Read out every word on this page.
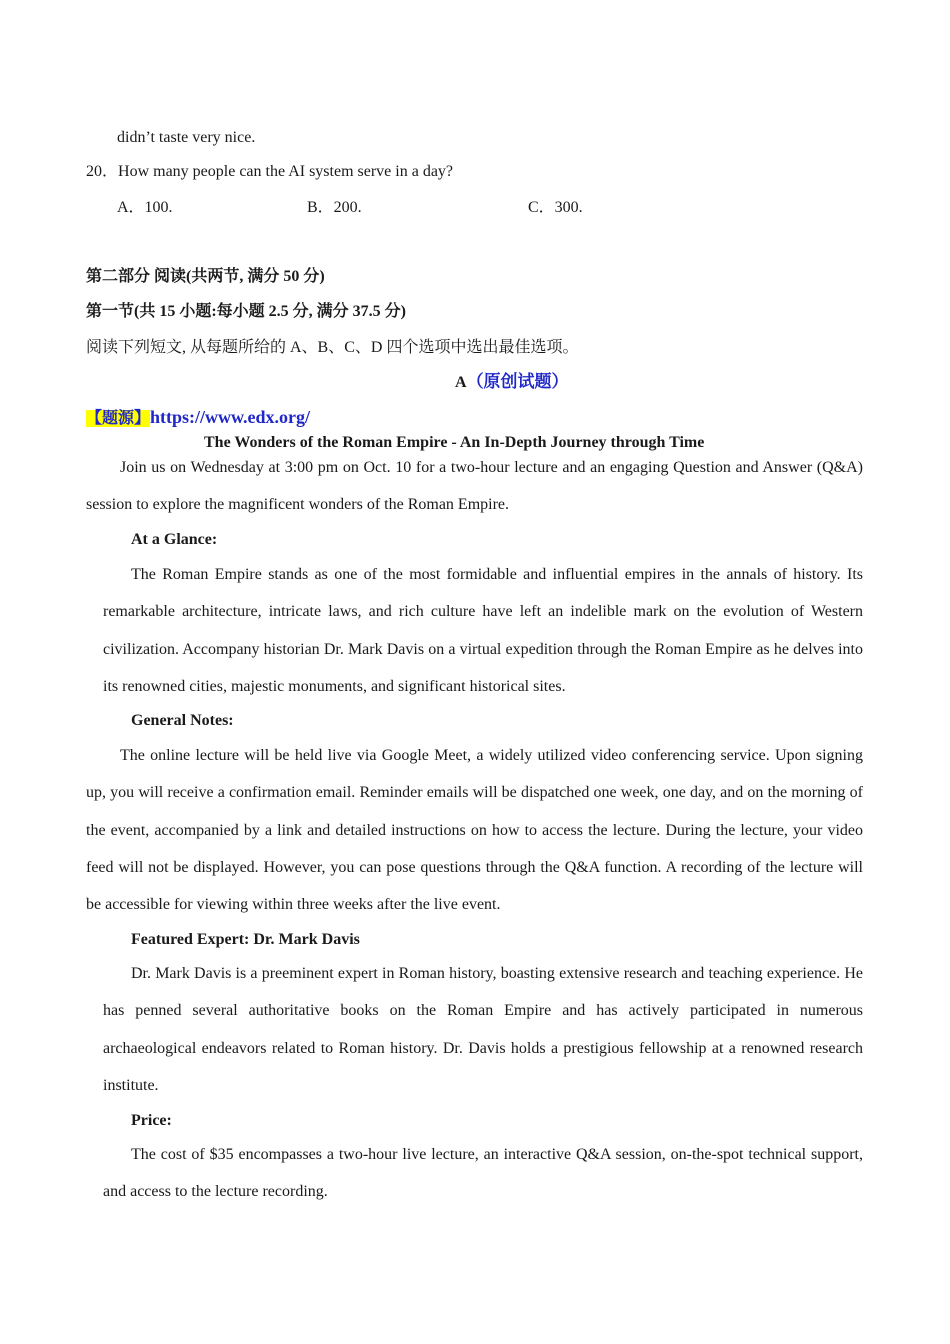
didn’t taste very nice.
20．How many people can the AI system serve in a day?
A．100.	B．200.	C．300.
第二部分 阅读(共两节, 满分 50 分)
第一节(共 15 小题:每小题 2.5 分, 满分 37.5 分)
阅读下列短文, 从每题所给的 A、B、C、D 四个选项中选出最佳选项。
A（原创试题）
【题源】https://www.edx.org/
The Wonders of the Roman Empire - An In-Depth Journey through Time
Join us on Wednesday at 3:00 pm on Oct. 10 for a two-hour lecture and an engaging Question and Answer (Q&A) session to explore the magnificent wonders of the Roman Empire.
At a Glance:
The Roman Empire stands as one of the most formidable and influential empires in the annals of history. Its remarkable architecture, intricate laws, and rich culture have left an indelible mark on the evolution of Western civilization. Accompany historian Dr. Mark Davis on a virtual expedition through the Roman Empire as he delves into its renowned cities, majestic monuments, and significant historical sites.
General Notes:
The online lecture will be held live via Google Meet, a widely utilized video conferencing service. Upon signing up, you will receive a confirmation email. Reminder emails will be dispatched one week, one day, and on the morning of the event, accompanied by a link and detailed instructions on how to access the lecture. During the lecture, your video feed will not be displayed. However, you can pose questions through the Q&A function. A recording of the lecture will be accessible for viewing within three weeks after the live event.
Featured Expert: Dr. Mark Davis
Dr. Mark Davis is a preeminent expert in Roman history, boasting extensive research and teaching experience. He has penned several authoritative books on the Roman Empire and has actively participated in numerous archaeological endeavors related to Roman history. Dr. Davis holds a prestigious fellowship at a renowned research institute.
Price:
The cost of $35 encompasses a two-hour live lecture, an interactive Q&A session, on-the-spot technical support, and access to the lecture recording.
